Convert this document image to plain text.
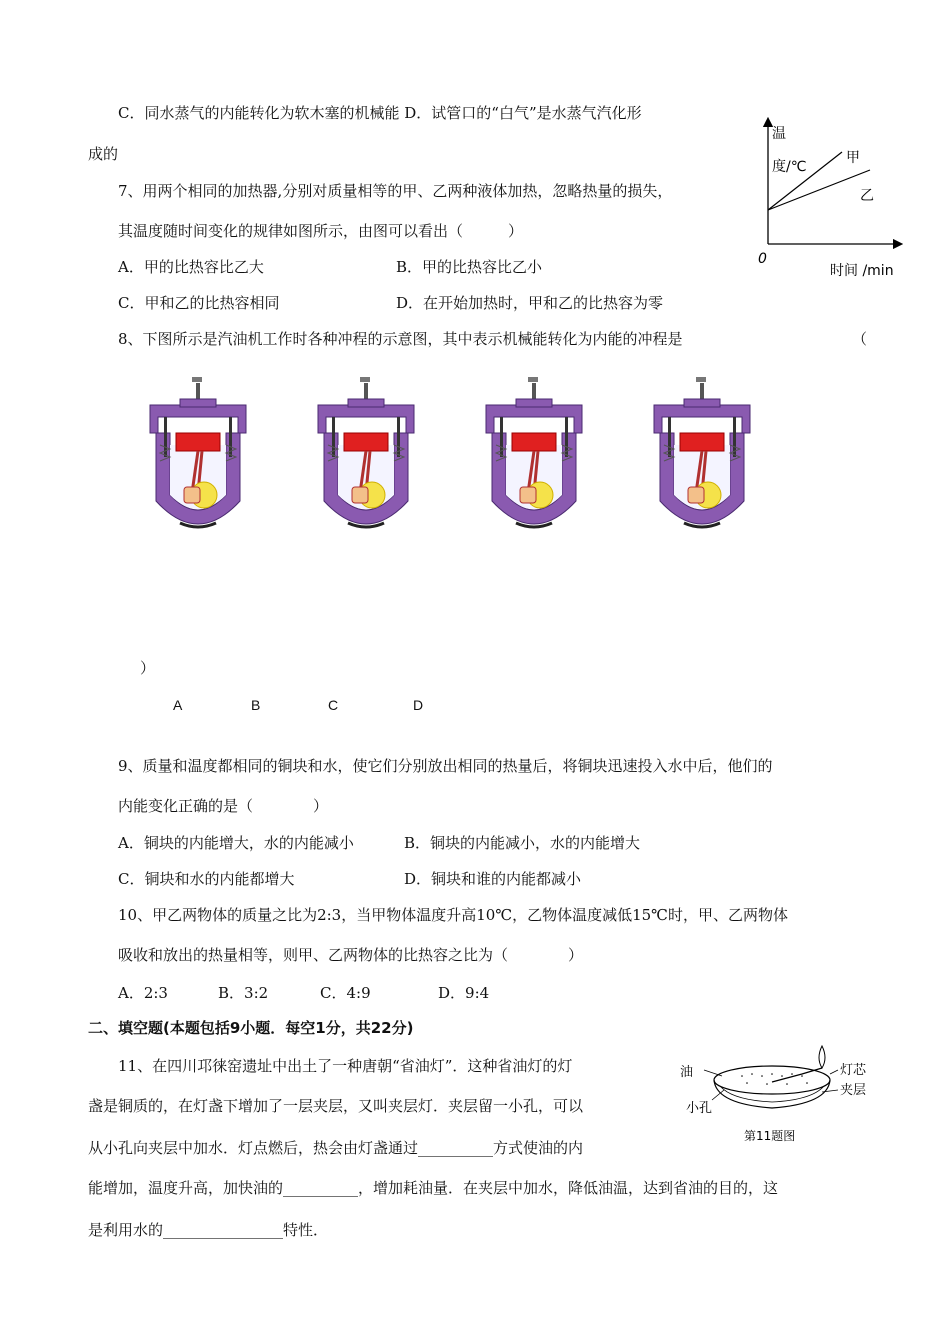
C．同水蒸气的内能转化为软木塞的机械能 D．试管口的“白气”是水蒸气汽化形
成的
7、用两个相同的加热器,分别对质量相等的甲、乙两种液体加热，忽略热量的损失，
其温度随时间变化的规律如图所示，由图可以看出（　　　）
A．甲的比热容比乙大	B．甲的比热容比乙小
C．甲和乙的比热容相同	D．在开始加热时，甲和乙的比热容为零
温
度/℃
甲
乙
0
时间 /min
8、下图所示是汽油机工作时各种冲程的示意图，其中表示机械能转化为内能的冲程是	（
）
A	B	C	D
9、质量和温度都相同的铜块和水，使它们分别放出相同的热量后，将铜块迅速投入水中后，他们的
内能变化正确的是（　　　　）
A．铜块的内能增大，水的内能减小	B．铜块的内能减小，水的内能增大
C．铜块和水的内能都增大	D．铜块和谁的内能都减小
10、甲乙两物体的质量之比为2:3，当甲物体温度升高10℃，乙物体温度减低15℃时，甲、乙两物体
吸收和放出的热量相等，则甲、乙两物体的比热容之比为（　　　　）
A．2:3	B．3:2	C．4:9	D．9:4
二、填空题(本题包括9小题．每空1分，共22分)
11、在四川邛徕窑遗址中出土了一种唐朝“省油灯”．这种省油灯的灯
盏是铜质的，在灯盏下增加了一层夹层，又叫夹层灯．夹层留一小孔，可以
从小孔向夹层中加水．灯点燃后，热会由灯盏通过__________方式使油的内
能增加，温度升高，加快油的__________，增加耗油量．在夹层中加水，降低油温，达到省油的目的，这
是利用水的________________特性．
油	灯芯
夹层
小孔
第11题图
